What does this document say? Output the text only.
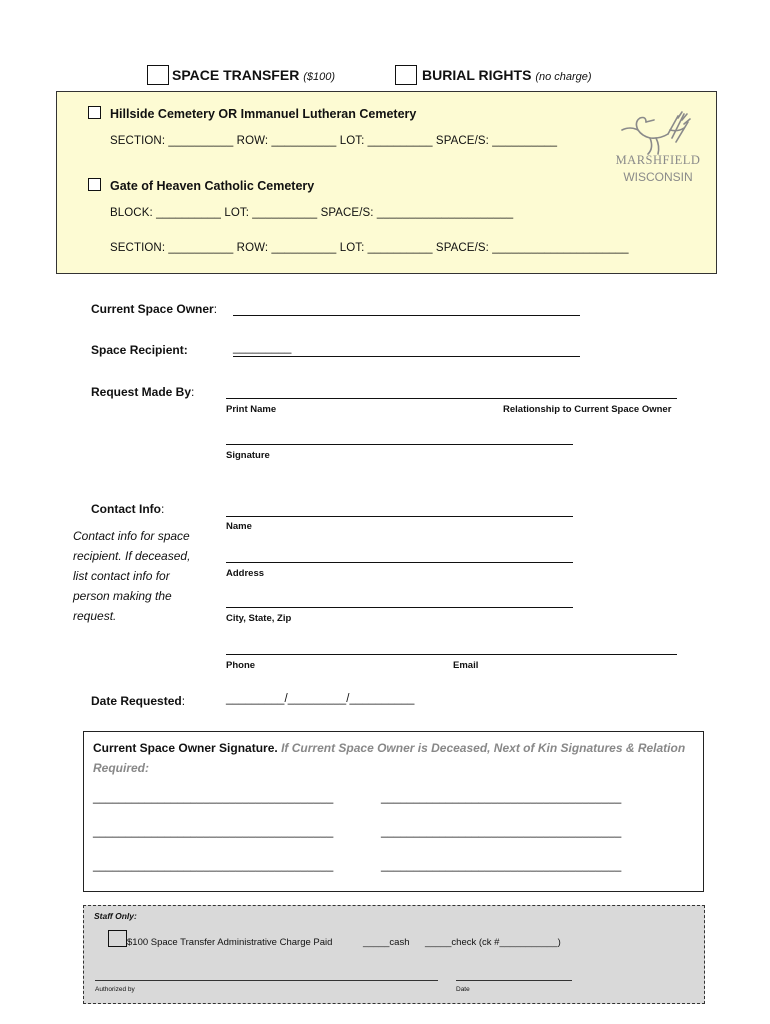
SPACE TRANSFER ($100)	BURIAL RIGHTS (no charge)
Hillside Cemetery OR Immanuel Lutheran Cemetery
SECTION: __________ ROW: __________ LOT: __________ SPACE/S: __________
Gate of Heaven Catholic Cemetery
BLOCK: __________ LOT: __________ SPACE/S: _____________________
SECTION: __________ ROW: __________ LOT: __________ SPACE/S: _____________________
MARSHFIELD
WISCONSIN
Current Space Owner:
Space Recipient:	_________
Request Made By:
Print Name	Relationship to Current Space Owner
Signature
Contact Info:
Contact info for space recipient. If deceased, list contact info for person making the request.
Name
Address
City, State, Zip
Phone	Email
Date Requested:	_________/_________/__________
Current Space Owner Signature. If Current Space Owner is Deceased, Next of Kin Signatures & Relation Required:
_____________________________________	_____________________________________
_____________________________________	_____________________________________
_____________________________________	_____________________________________
Staff Only:
$100 Space Transfer Administrative Charge Paid	_____cash _____check (ck #___________)
Authorized by	Date
